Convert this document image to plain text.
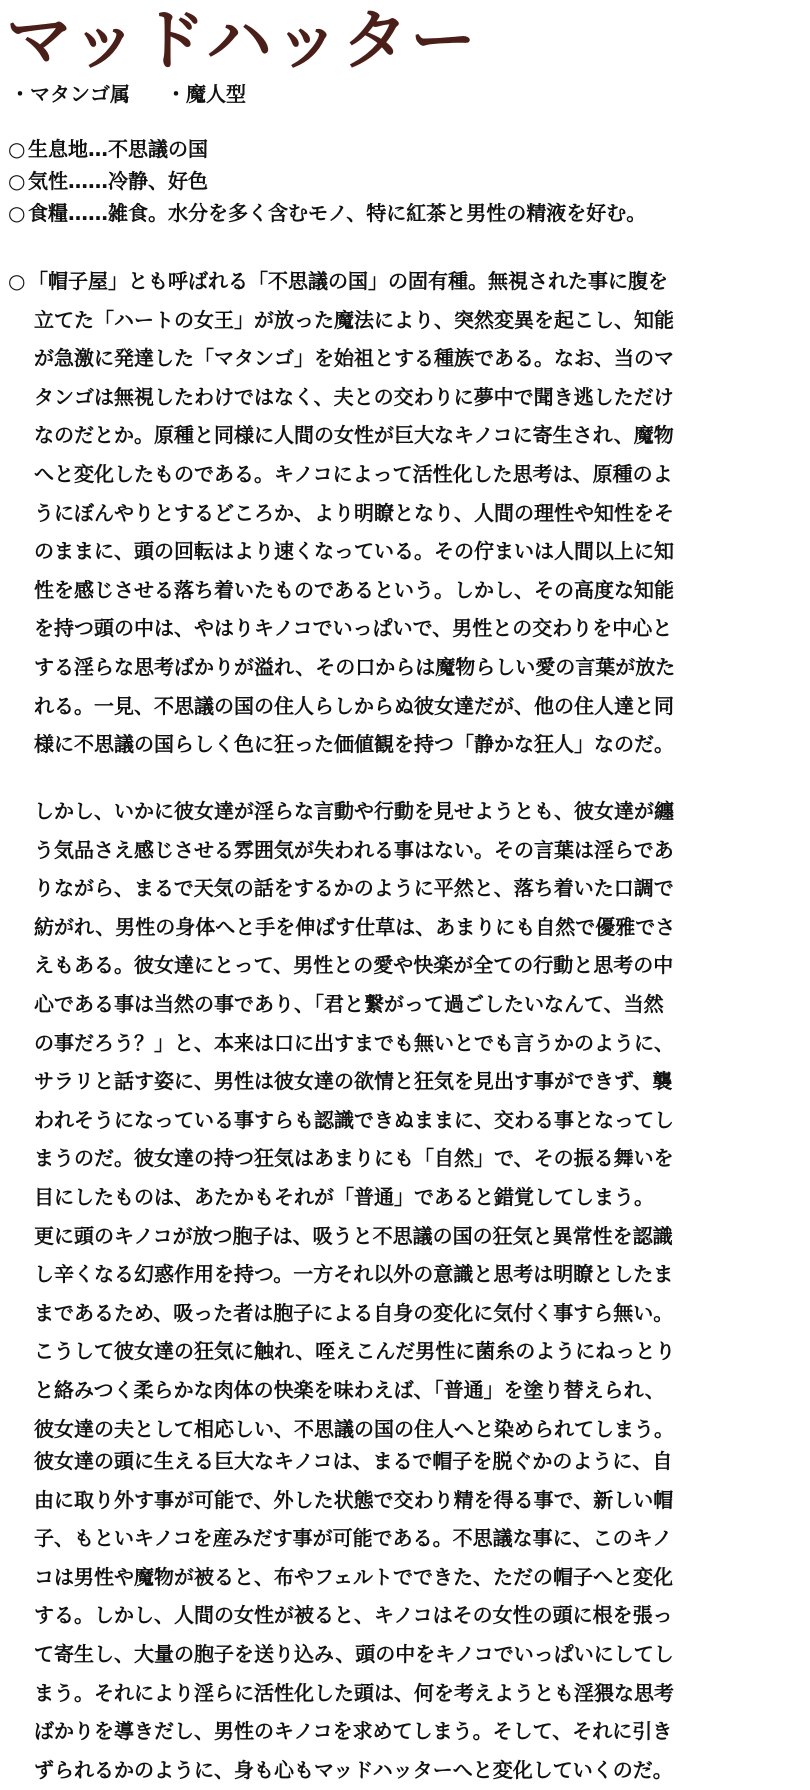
マッドハッター
・マタンゴ属 ・魔人型
○ 生息地…不思議の国
○ 気性……冷静、好色
○ 食糧……雑食。水分を多く含むモノ、特に紅茶と男性の精液を好む。
○ 「帽子屋」とも呼ばれる「不思議の国」の固有種。無視された事に腹を
立てた「ハートの女王」が放った魔法により、突然変異を起こし、知能
が急激に発達した「マタンゴ」を始祖とする種族である。なお、当のマ
タンゴは無視したわけではなく、夫との交わりに夢中で聞き逃しただけ
なのだとか。原種と同様に人間の女性が巨大なキノコに寄生され、魔物
へと変化したものである。キノコによって活性化した思考は、原種のよ
うにぼんやりとするどころか、より明瞭となり、人間の理性や知性をそ
のままに、頭の回転はより速くなっている。その佇まいは人間以上に知
性を感じさせる落ち着いたものであるという。しかし、その高度な知能
を持つ頭の中は、やはりキノコでいっぱいで、男性との交わりを中心と
する淫らな思考ばかりが溢れ、その口からは魔物らしい愛の言葉が放た
れる。一見、不思議の国の住人らしからぬ彼女達だが、他の住人達と同
様に不思議の国らしく色に狂った価値観を持つ「静かな狂人」なのだ。
しかし、いかに彼女達が淫らな言動や行動を見せようとも、彼女達が纏
う気品さえ感じさせる雰囲気が失われる事はない。その言葉は淫らであ
りながら、まるで天気の話をするかのように平然と、落ち着いた口調で
紡がれ、男性の身体へと手を伸ばす仕草は、あまりにも自然で優雅でさ
えもある。彼女達にとって、男性との愛や快楽が全ての行動と思考の中
心である事は当然の事であり、「君と繋がって過ごしたいなんて、当然
の事だろう？」と、本来は口に出すまでも無いとでも言うかのように、
サラリと話す姿に、男性は彼女達の欲情と狂気を見出す事ができず、襲
われそうになっている事すらも認識できぬままに、交わる事となってし
まうのだ。彼女達の持つ狂気はあまりにも「自然」で、その振る舞いを
目にしたものは、あたかもそれが「普通」であると錯覚してしまう。
更に頭のキノコが放つ胞子は、吸うと不思議の国の狂気と異常性を認識
し辛くなる幻惑作用を持つ。一方それ以外の意識と思考は明瞭としたま
まであるため、吸った者は胞子による自身の変化に気付く事すら無い。
こうして彼女達の狂気に触れ、咥えこんだ男性に菌糸のようにねっとり
と絡みつく柔らかな肉体の快楽を味わえば、「普通」を塗り替えられ、
彼女達の夫として相応しい、不思議の国の住人へと染められてしまう。
彼女達の頭に生える巨大なキノコは、まるで帽子を脱ぐかのように、自
由に取り外す事が可能で、外した状態で交わり精を得る事で、新しい帽
子、もといキノコを産みだす事が可能である。不思議な事に、このキノ
コは男性や魔物が被ると、布やフェルトでできた、ただの帽子へと変化
する。しかし、人間の女性が被ると、キノコはその女性の頭に根を張っ
て寄生し、大量の胞子を送り込み、頭の中をキノコでいっぱいにしてし
まう。それにより淫らに活性化した頭は、何を考えようとも淫猥な思考
ばかりを導きだし、男性のキノコを求めてしまう。そして、それに引き
ずられるかのように、身も心もマッドハッターへと変化していくのだ。
